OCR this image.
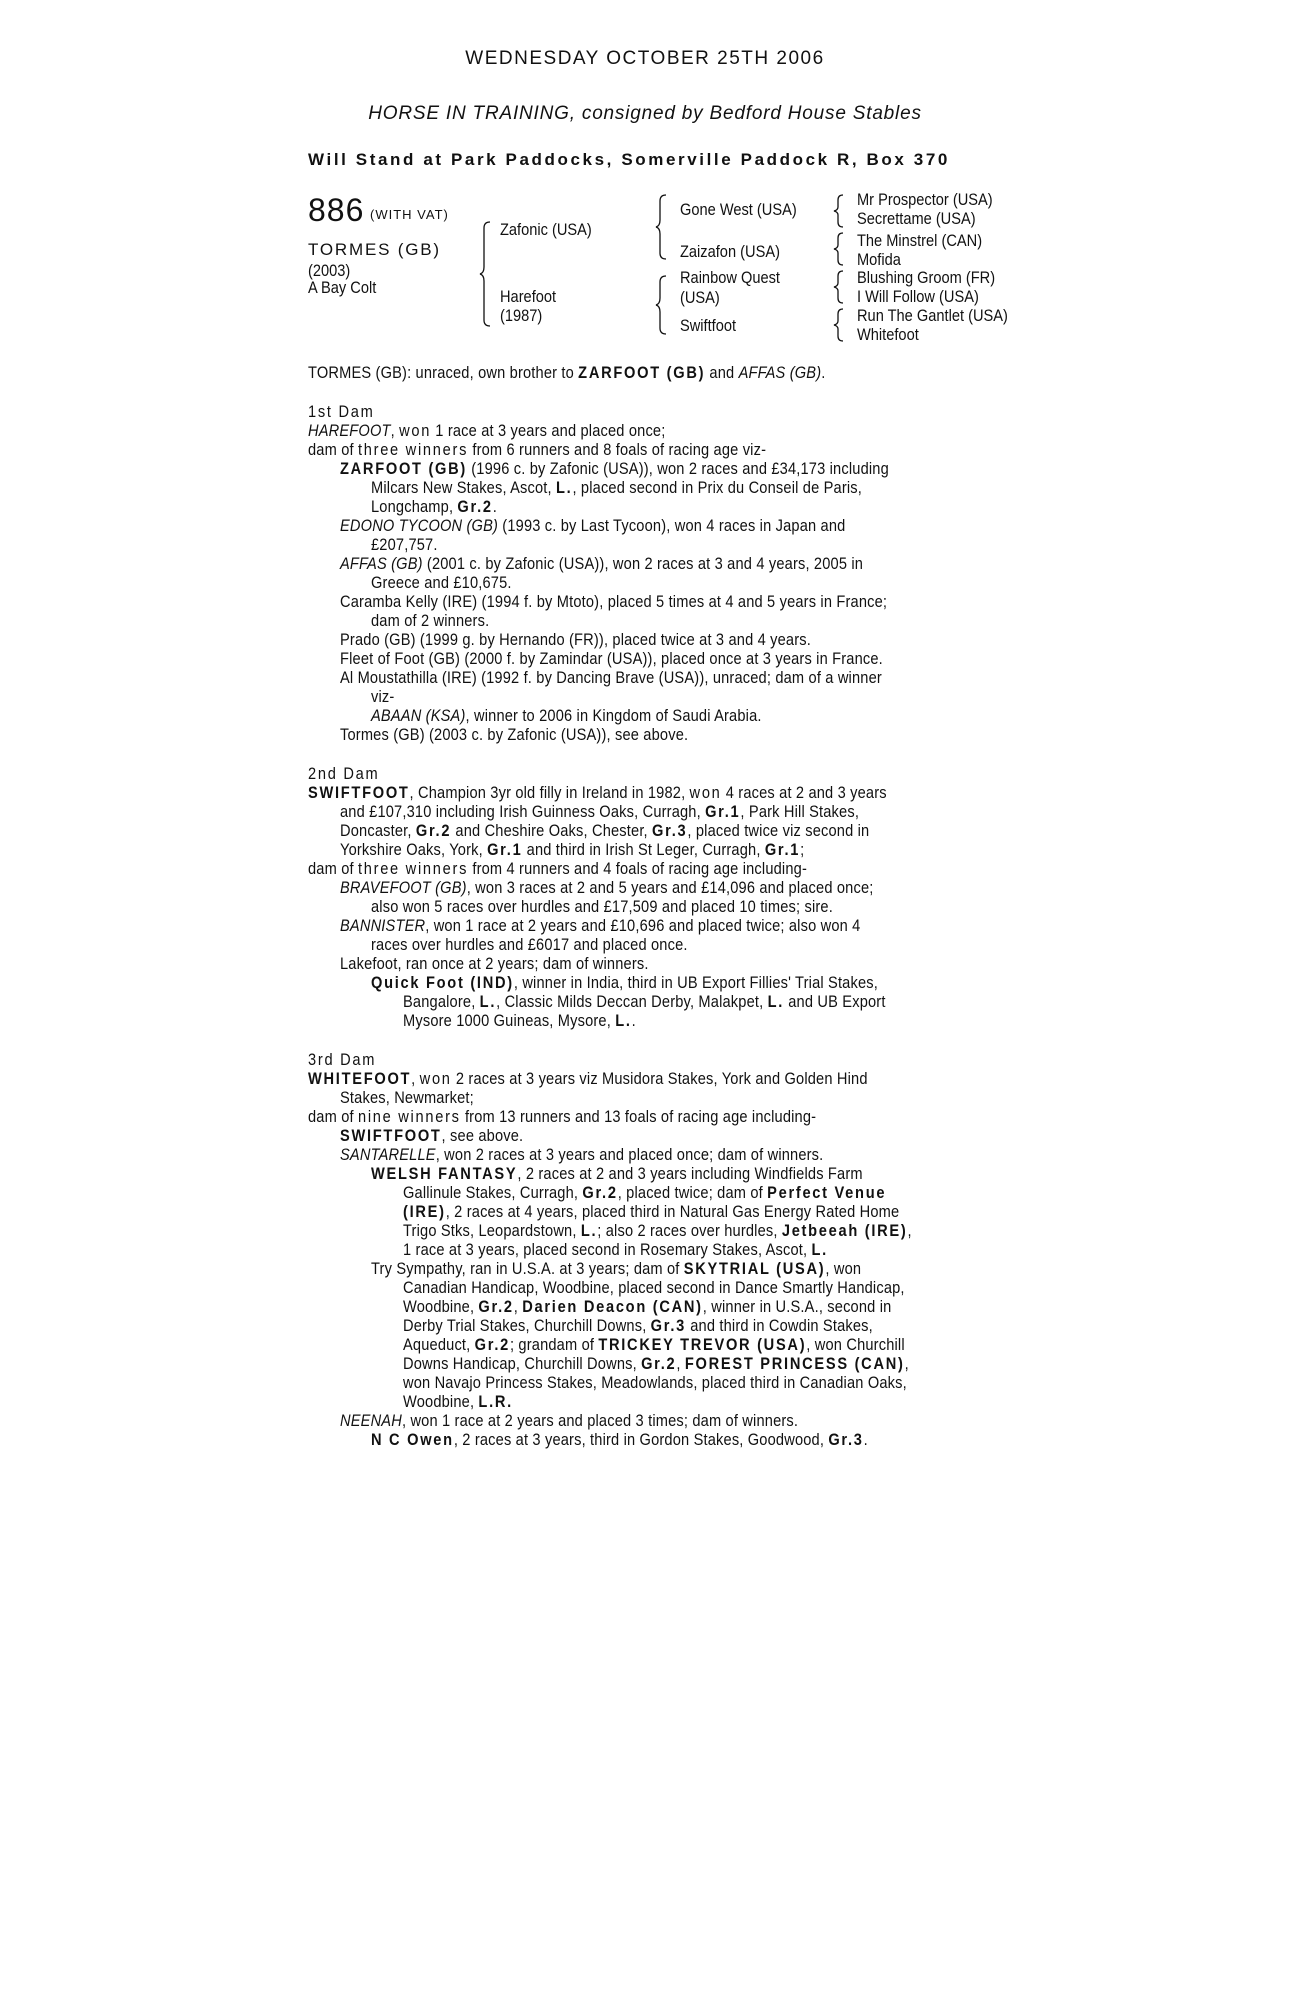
WEDNESDAY OCTOBER 25TH 2006
HORSE IN TRAINING, consigned by Bedford House Stables
Will Stand at Park Paddocks, Somerville Paddock R, Box 370
886 (WITH VAT)
TORMES (GB)
(2003)
A Bay Colt
Zafonic (USA)
Harefoot
(1987)
Gone West (USA)
Zaizafon (USA)
Rainbow Quest
(USA)
Swiftfoot
Mr Prospector (USA)
Secrettame (USA)
The Minstrel (CAN)
Mofida
Blushing Groom (FR)
I Will Follow (USA)
Run The Gantlet (USA)
Whitefoot
TORMES (GB): unraced, own brother to ZARFOOT (GB) and AFFAS (GB).
1st Dam
HAREFOOT, won 1 race at 3 years and placed once;
dam of three winners from 6 runners and 8 foals of racing age viz-
ZARFOOT (GB) (1996 c. by Zafonic (USA)), won 2 races and £34,173 including
Milcars New Stakes, Ascot, L., placed second in Prix du Conseil de Paris,
Longchamp, Gr.2.
EDONO TYCOON (GB) (1993 c. by Last Tycoon), won 4 races in Japan and
£207,757.
AFFAS (GB) (2001 c. by Zafonic (USA)), won 2 races at 3 and 4 years, 2005 in
Greece and £10,675.
Caramba Kelly (IRE) (1994 f. by Mtoto), placed 5 times at 4 and 5 years in France;
dam of 2 winners.
Prado (GB) (1999 g. by Hernando (FR)), placed twice at 3 and 4 years.
Fleet of Foot (GB) (2000 f. by Zamindar (USA)), placed once at 3 years in France.
Al Moustathilla (IRE) (1992 f. by Dancing Brave (USA)), unraced; dam of a winner
viz-
ABAAN (KSA), winner to 2006 in Kingdom of Saudi Arabia.
Tormes (GB) (2003 c. by Zafonic (USA)), see above.
2nd Dam
SWIFTFOOT, Champion 3yr old filly in Ireland in 1982, won 4 races at 2 and 3 years
and £107,310 including Irish Guinness Oaks, Curragh, Gr.1, Park Hill Stakes,
Doncaster, Gr.2 and Cheshire Oaks, Chester, Gr.3, placed twice viz second in
Yorkshire Oaks, York, Gr.1 and third in Irish St Leger, Curragh, Gr.1;
dam of three winners from 4 runners and 4 foals of racing age including-
BRAVEFOOT (GB), won 3 races at 2 and 5 years and £14,096 and placed once;
also won 5 races over hurdles and £17,509 and placed 10 times; sire.
BANNISTER, won 1 race at 2 years and £10,696 and placed twice; also won 4
races over hurdles and £6017 and placed once.
Lakefoot, ran once at 2 years; dam of winners.
Quick Foot (IND), winner in India, third in UB Export Fillies' Trial Stakes,
Bangalore, L., Classic Milds Deccan Derby, Malakpet, L. and UB Export
Mysore 1000 Guineas, Mysore, L..
3rd Dam
WHITEFOOT, won 2 races at 3 years viz Musidora Stakes, York and Golden Hind
Stakes, Newmarket;
dam of nine winners from 13 runners and 13 foals of racing age including-
SWIFTFOOT, see above.
SANTARELLE, won 2 races at 3 years and placed once; dam of winners.
WELSH FANTASY, 2 races at 2 and 3 years including Windfields Farm
Gallinule Stakes, Curragh, Gr.2, placed twice; dam of Perfect Venue
(IRE), 2 races at 4 years, placed third in Natural Gas Energy Rated Home
Trigo Stks, Leopardstown, L.; also 2 races over hurdles, Jetbeeah (IRE),
1 race at 3 years, placed second in Rosemary Stakes, Ascot, L.
Try Sympathy, ran in U.S.A. at 3 years; dam of SKYTRIAL (USA), won
Canadian Handicap, Woodbine, placed second in Dance Smartly Handicap,
Woodbine, Gr.2, Darien Deacon (CAN), winner in U.S.A., second in
Derby Trial Stakes, Churchill Downs, Gr.3 and third in Cowdin Stakes,
Aqueduct, Gr.2; grandam of TRICKEY TREVOR (USA), won Churchill
Downs Handicap, Churchill Downs, Gr.2, FOREST PRINCESS (CAN),
won Navajo Princess Stakes, Meadowlands, placed third in Canadian Oaks,
Woodbine, L.R.
NEENAH, won 1 race at 2 years and placed 3 times; dam of winners.
N C Owen, 2 races at 3 years, third in Gordon Stakes, Goodwood, Gr.3.
